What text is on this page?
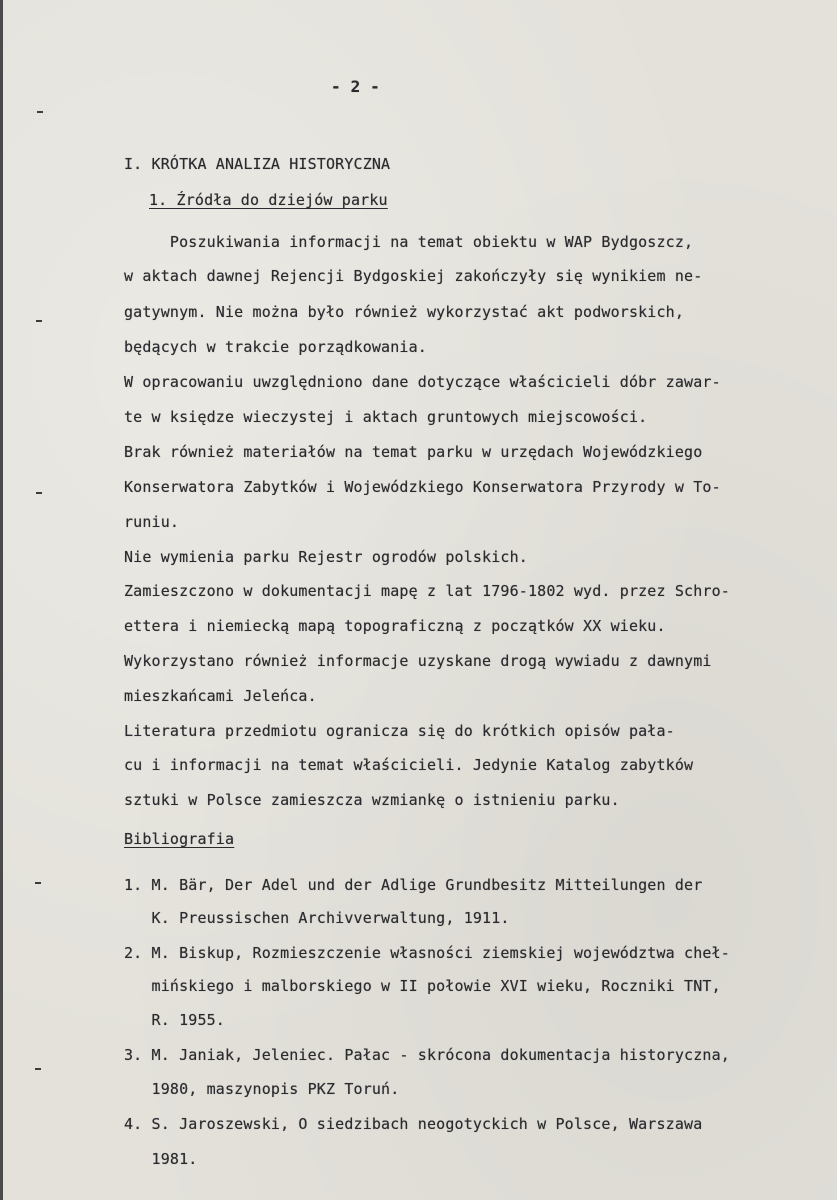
- 2 -
I. KRÓTKA ANALIZA HISTORYCZNA
1. Źródła do dziejów parku
Poszukiwania informacji na temat obiektu w WAP Bydgoszcz,
w aktach dawnej Rejencji Bydgoskiej zakończyły się wynikiem ne-
gatywnym. Nie można było również wykorzystać akt podworskich,
będących w trakcie porządkowania.
W opracowaniu uwzględniono dane dotyczące właścicieli dóbr zawar-
te w księdze wieczystej i aktach gruntowych miejscowości.
Brak również materiałów na temat parku w urzędach Wojewódzkiego
Konserwatora Zabytków i Wojewódzkiego Konserwatora Przyrody w To-
runiu.
Nie wymienia parku Rejestr ogrodów polskich.
Zamieszczono w dokumentacji mapę z lat 1796-1802 wyd. przez Schro-
ettera i niemiecką mapą topograficzną z początków XX wieku.
Wykorzystano również informacje uzyskane drogą wywiadu z dawnymi
mieszkańcami Jeleńca.
Literatura przedmiotu ogranicza się do krótkich opisów pała-
cu i informacji na temat właścicieli. Jedynie Katalog zabytków
sztuki w Polsce zamieszcza wzmiankę o istnieniu parku.
Bibliografia
1. M. Bär, Der Adel und der Adlige Grundbesitz Mitteilungen der
K. Preussischen Archivverwaltung, 1911.
2. M. Biskup, Rozmieszczenie własności ziemskiej województwa cheł-
mińskiego i malborskiego w II połowie XVI wieku, Roczniki TNT,
R. 1955.
3. M. Janiak, Jeleniec. Pałac - skrócona dokumentacja historyczna,
1980, maszynopis PKZ Toruń.
4. S. Jaroszewski, O siedzibach neogotyckich w Polsce, Warszawa
1981.
